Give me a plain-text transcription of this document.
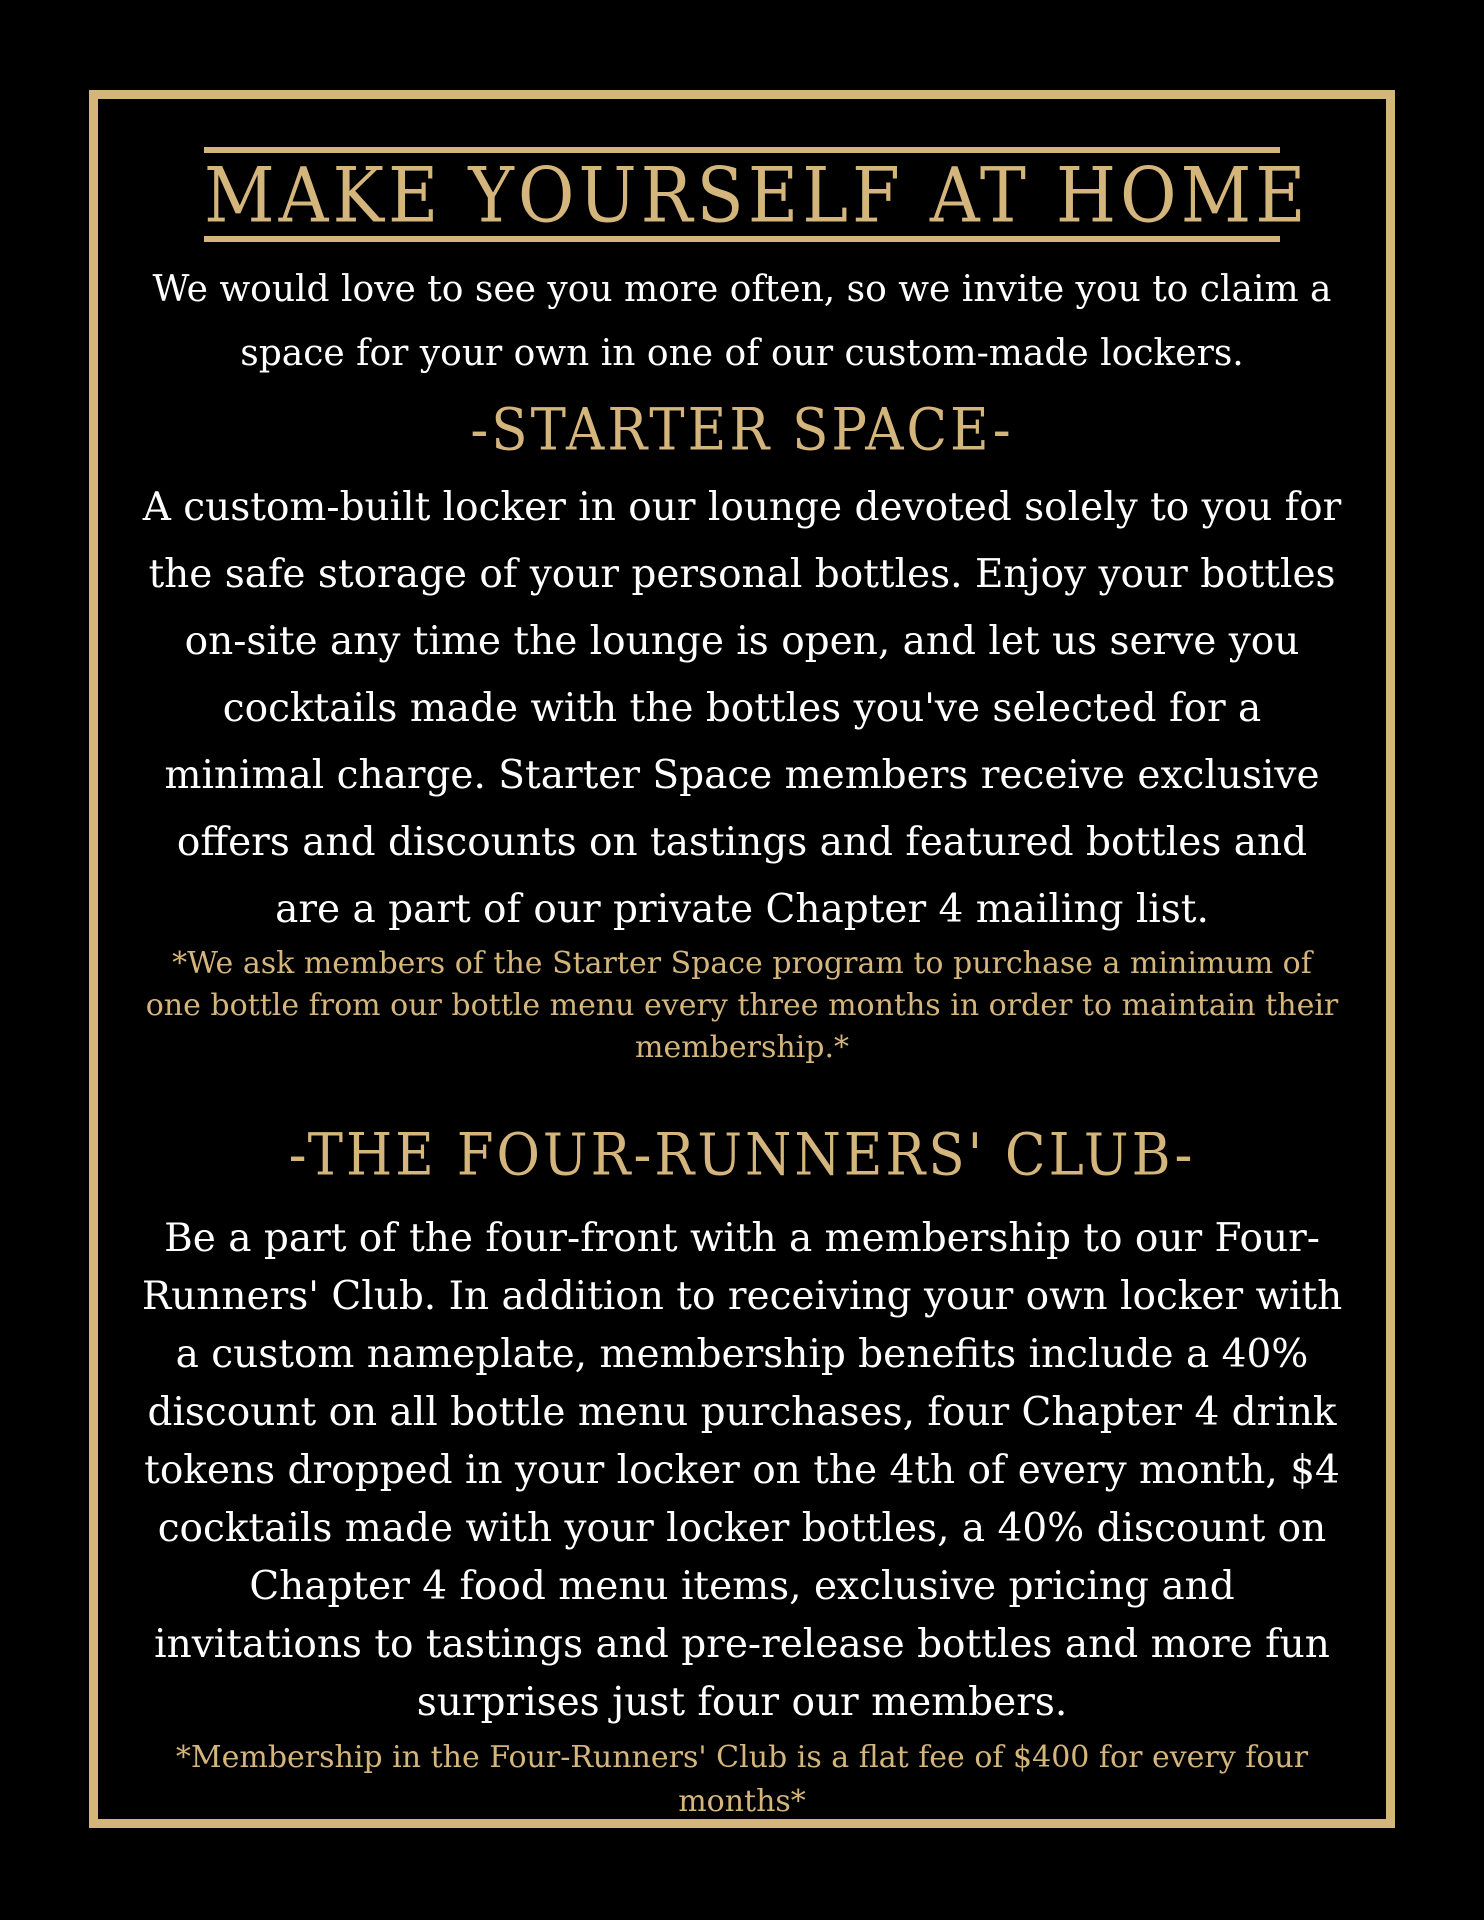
MAKE YOURSELF AT HOME
We would love to see you more often, so we invite you to claim a space for your own in one of our custom-made lockers.
-STARTER SPACE-
A custom-built locker in our lounge devoted solely to you for the safe storage of your personal bottles. Enjoy your bottles on-site any time the lounge is open, and let us serve you cocktails made with the bottles you've selected for a minimal charge. Starter Space members receive exclusive offers and discounts on tastings and featured bottles and are a part of our private Chapter 4 mailing list.
*We ask members of the Starter Space program to purchase a minimum of one bottle from our bottle menu every three months in order to maintain their membership.*
-THE FOUR-RUNNERS' CLUB-
Be a part of the four-front with a membership to our Four-Runners' Club. In addition to receiving your own locker with a custom nameplate, membership benefits include a 40% discount on all bottle menu purchases, four Chapter 4 drink tokens dropped in your locker on the 4th of every month, $4 cocktails made with your locker bottles, a 40% discount on Chapter 4 food menu items, exclusive pricing and invitations to tastings and pre-release bottles and more fun surprises just four our members.
*Membership in the Four-Runners' Club is a flat fee of $400 for every four months*
